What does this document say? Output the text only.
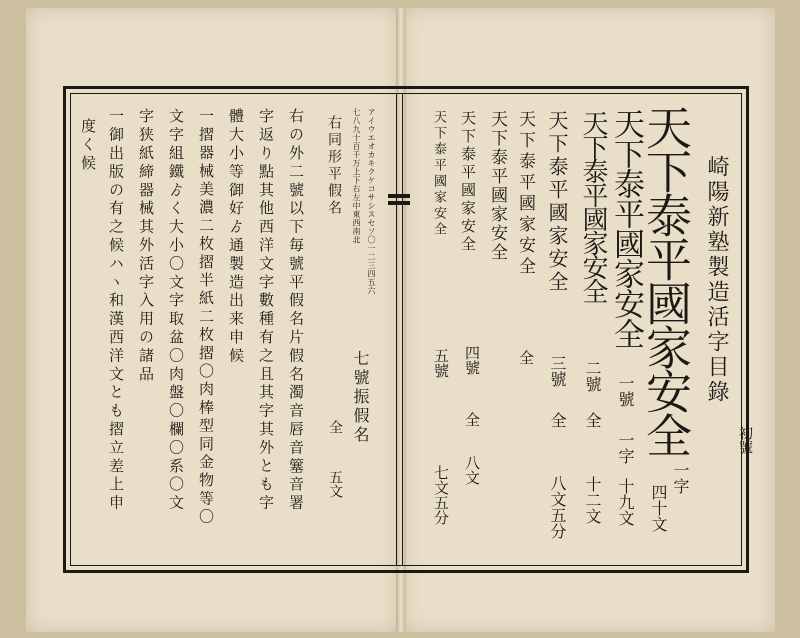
崎陽新塾製造活字目錄
初號
天下泰平國家安全
一字
四十文
天下泰平國家安全
一號
一字
十九文
天下泰平國家安全
二號
全
十二文
天下泰平國家安全
三號
全
八文五分
天下泰平國家安全
全
天下泰平國家安全
天下泰平國家安全
四號
全
八文
天下泰平國家安全
五號
七文五分
アイウエオカキクケコサシスセソ〇一二三四五六
七八九十百千万上下右左中東西南北
右同形平假名
七號振假名
全
五文
右の外二號以下毎號平假名片假名濁音唇音簺音署
字返り點其他西洋文字數種有之且其字其外とも字
體大小等御好ゟ通製造出来申候
一摺器械美濃二枚摺半紙二枚摺〇肉棒型同金物等〇
文字組鐵ゟく大小〇文字取盆〇肉盤〇欄〇系〇文
字狭紙締器械其外活字入用の諸品
一御出版の有之候ハヽ和漢西洋文とも摺立差上申
度く候
